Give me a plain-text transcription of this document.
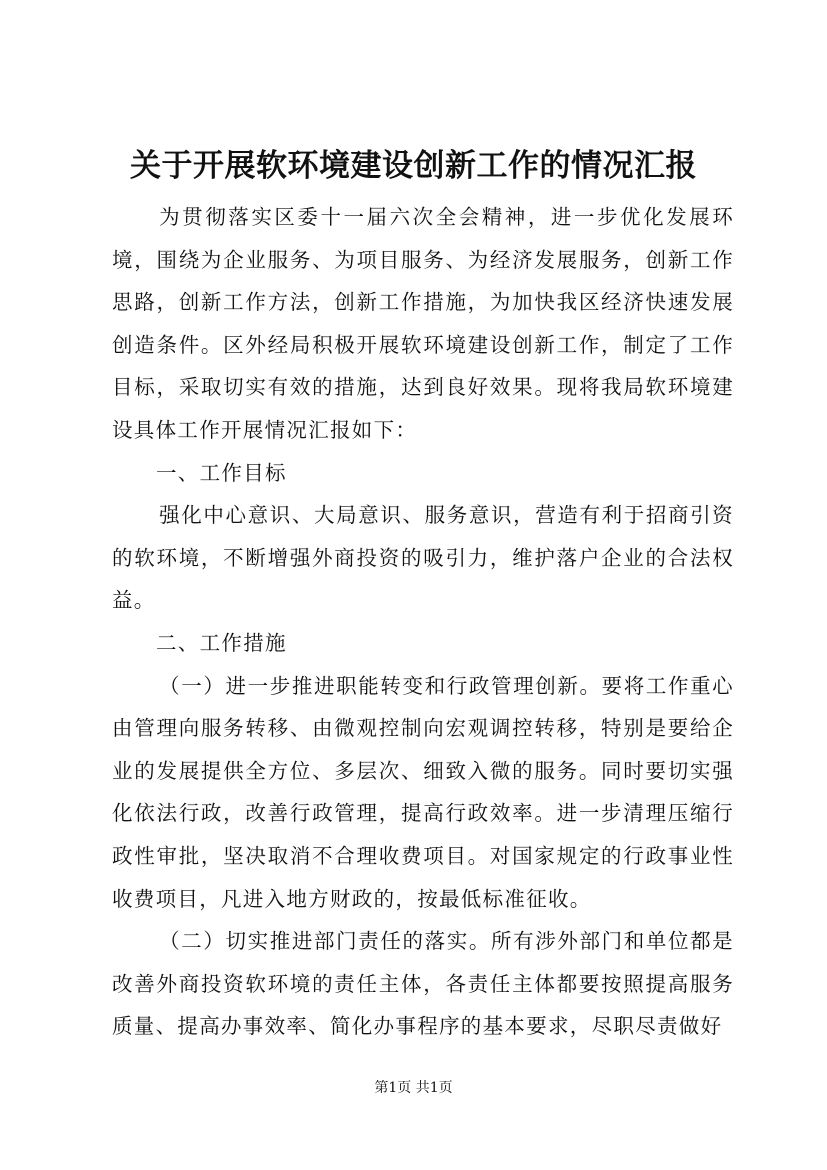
关于开展软环境建设创新工作的情况汇报

为贯彻落实区委十一届六次全会精神，进一步优化发展环境，围绕为企业服务、为项目服务、为经济发展服务，创新工作思路，创新工作方法，创新工作措施，为加快我区经济快速发展创造条件。区外经局积极开展软环境建设创新工作，制定了工作目标，采取切实有效的措施，达到良好效果。现将我局软环境建设具体工作开展情况汇报如下：

一、工作目标

强化中心意识、大局意识、服务意识，营造有利于招商引资的软环境，不断增强外商投资的吸引力，维护落户企业的合法权益。

二、工作措施

（一）进一步推进职能转变和行政管理创新。要将工作重心由管理向服务转移、由微观控制向宏观调控转移，特别是要给企业的发展提供全方位、多层次、细致入微的服务。同时要切实强化依法行政，改善行政管理，提高行政效率。进一步清理压缩行政性审批，坚决取消不合理收费项目。对国家规定的行政事业性收费项目，凡进入地方财政的，按最低标准征收。

（二）切实推进部门责任的落实。所有涉外部门和单位都是改善外商投资软环境的责任主体，各责任主体都要按照提高服务质量、提高办事效率、简化办事程序的基本要求，尽职尽责做好

第1页 共1页
